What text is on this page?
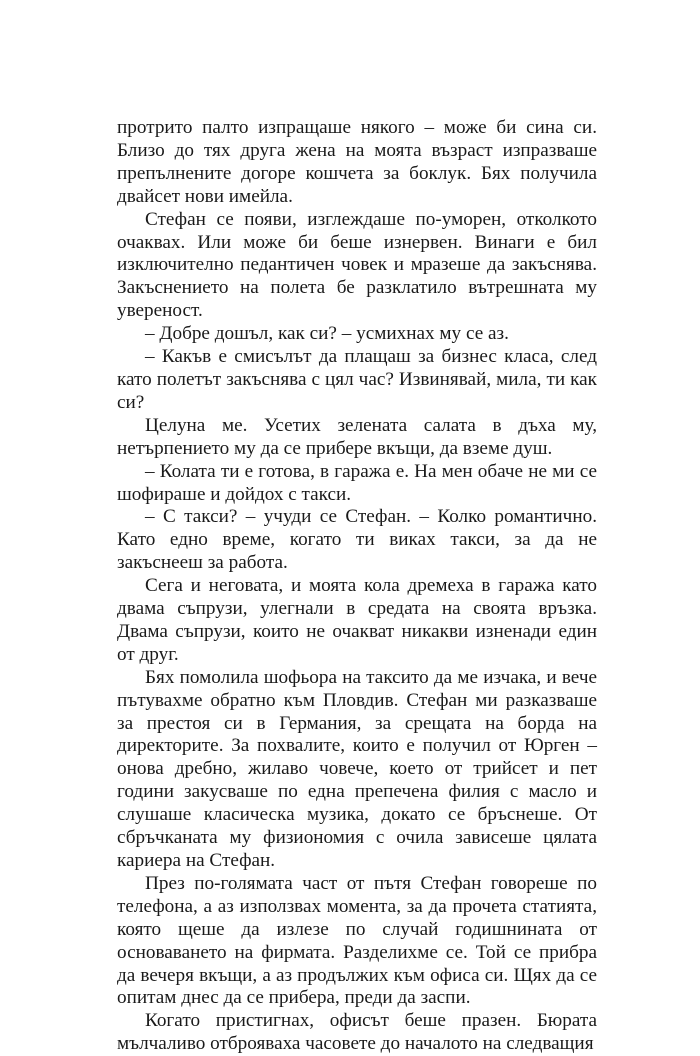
протрито палто изпращаше някого – може би сина си. Близо до тях друга жена на моята възраст изпразваше препълнените догоре кошчета за боклук. Бях получила двайсет нови имейла.

Стефан се появи, изглеждаше по-уморен, отколкото очаквах. Или може би беше изнервен. Винаги е бил изключително педантичен човек и мразеше да закъснява. Закъснението на полета бе разклатило вътрешната му увереност.

– Добре дошъл, как си? – усмихнах му се аз.

– Какъв е смисълът да плащаш за бизнес класа, след като полетът закъснява с цял час? Извинявай, мила, ти как си?

Целуна ме. Усетих зелената салата в дъха му, нетърпението му да се прибере вкъщи, да вземе душ.

– Колата ти е готова, в гаража е. На мен обаче не ми се шофираше и дойдох с такси.

– С такси? – учуди се Стефан. – Колко романтично. Като едно време, когато ти виках такси, за да не закъснееш за работа.

Сега и неговата, и моята кола дремеха в гаража като двама съпрузи, улегнали в средата на своята връзка. Двама съпрузи, които не очакват никакви изненади един от друг.

Бях помолила шофьора на таксито да ме изчака, и вече пътувахме обратно към Пловдив. Стефан ми разказваше за престоя си в Германия, за срещата на борда на директорите. За похвалите, които е получил от Юрген – онова дребно, жилаво човече, което от трийсет и пет години закусваше по една препечена филия с масло и слушаше класическа музика, докато се бръснеше. От сбръчканата му физиономия с очила зависеше цялата кариера на Стефан.

През по-голямата част от пътя Стефан говореше по телефона, а аз използвах момента, за да прочета статията, която щеше да излезе по случай годишнината от основаването на фирмата. Разделихме се. Той се прибра да вечеря вкъщи, а аз продължих към офиса си. Щях да се опитам днес да се прибера, преди да заспи.

Когато пристигнах, офисът беше празен. Бюрата мълчаливо отброяваха часовете до началото на следващия
